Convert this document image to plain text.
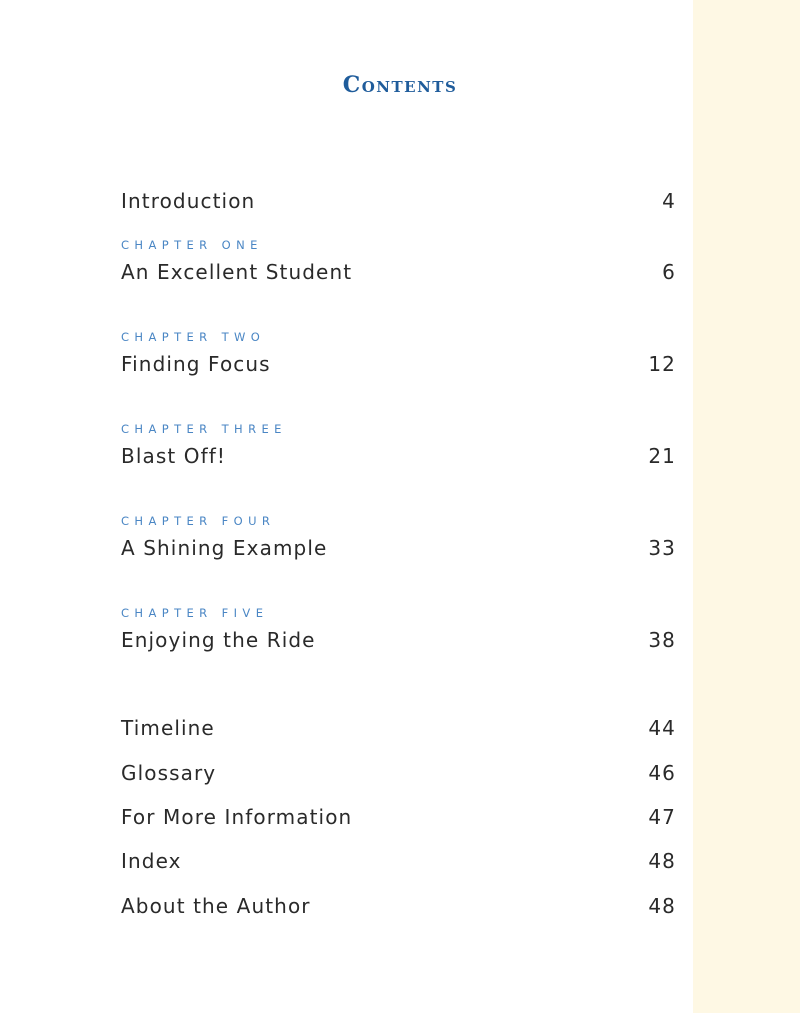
Contents
Introduction	4
CHAPTER ONE
An Excellent Student	6
CHAPTER TWO
Finding Focus	12
CHAPTER THREE
Blast Off!	21
CHAPTER FOUR
A Shining Example	33
CHAPTER FIVE
Enjoying the Ride	38
Timeline	44
Glossary	46
For More Information	47
Index	48
About the Author	48
